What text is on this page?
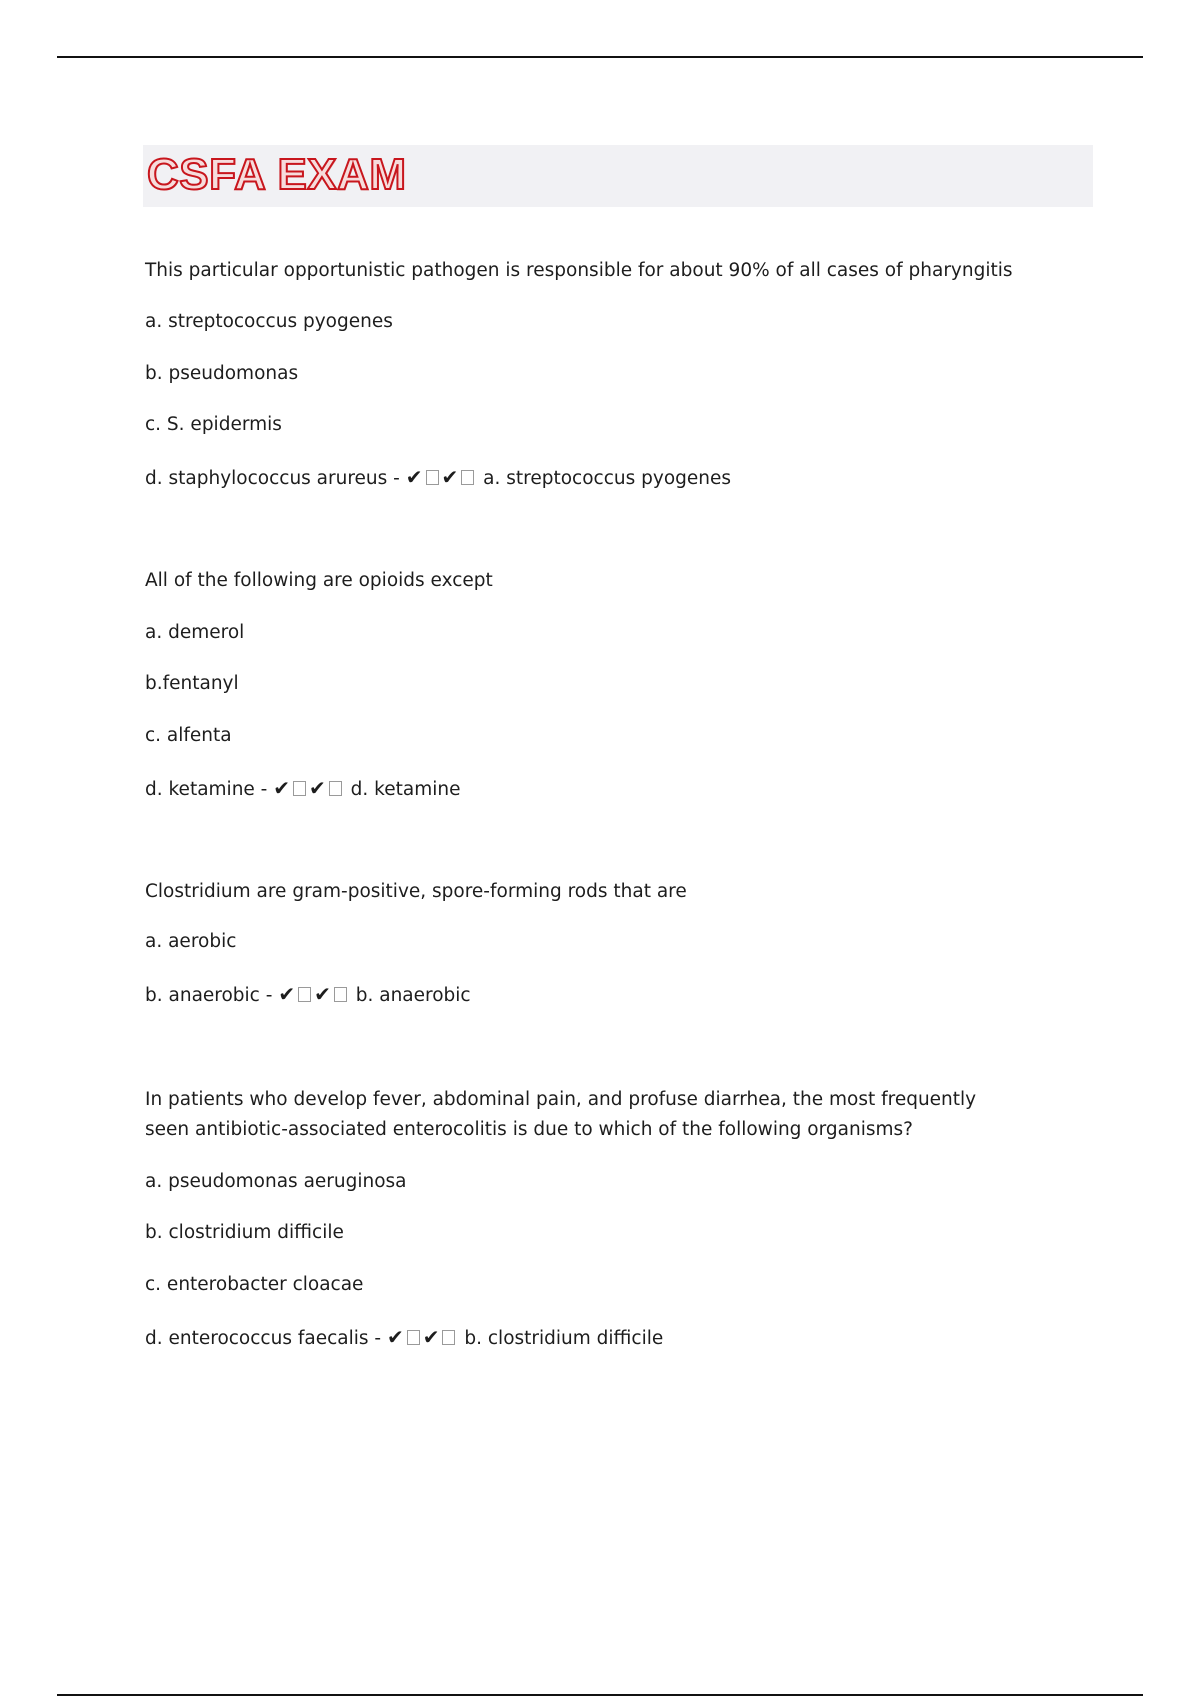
CSFA EXAM
This particular opportunistic pathogen is responsible for about 90% of all cases of pharyngitis
a. streptococcus pyogenes
b. pseudomonas
c. S. epidermis
d. staphylococcus arureus - ✔ ✔ a. streptococcus pyogenes
All of the following are opioids except
a. demerol
b.fentanyl
c. alfenta
d. ketamine - ✔ ✔ d. ketamine
Clostridium are gram-positive, spore-forming rods that are
a. aerobic
b. anaerobic - ✔ ✔ b. anaerobic
In patients who develop fever, abdominal pain, and profuse diarrhea, the most frequently seen antibiotic-associated enterocolitis is due to which of the following organisms?
a. pseudomonas aeruginosa
b. clostridium difficile
c. enterobacter cloacae
d. enterococcus faecalis - ✔ ✔ b. clostridium difficile
